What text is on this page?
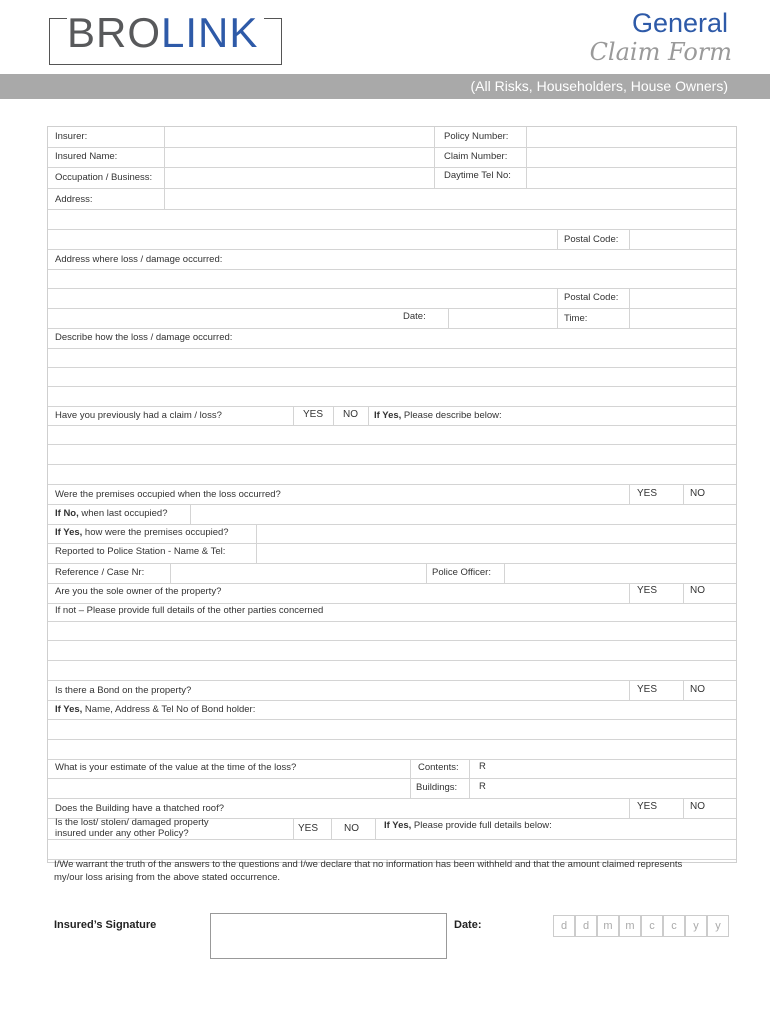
BROLINK	General
Claim Form
(All Risks, Householders, House Owners)
Insurer:	Policy Number:
Insured Name:	Claim Number:
Occupation / Business:	Daytime Tel No:
Address:
Postal Code:
Address where loss / damage occurred:
Postal Code:
Date:	Time:
Describe how the loss / damage occurred:
Have you previously had a claim / loss?	YES NO If Yes, Please describe below:
Were the premises occupied when the loss occurred?	YES	NO
If No, when last occupied?
If Yes, how were the premises occupied?
Reported to Police Station - Name & Tel:
Reference / Case Nr:	Police Officer:
Are you the sole owner of the property?	YES	NO
If not – Please provide full details of the other parties concerned
Is there a Bond on the property?	YES	NO
If Yes, Name, Address & Tel No of Bond holder:
What is your estimate of the value at the time of the loss?	Contents: R
Buildings: R
Does the Building have a thatched roof?	YES	NO
Is the lost/ stolen/ damaged property
insured under any other Policy?	YES	NO	If Yes, Please provide full details below:
I/We warrant the truth of the answers to the questions and I/we declare that no information has been withheld and that the amount claimed represents my/our loss arising from the above stated occurrence.
Insured’s Signature	Date:	d	d	m	m	c	c	y	y
